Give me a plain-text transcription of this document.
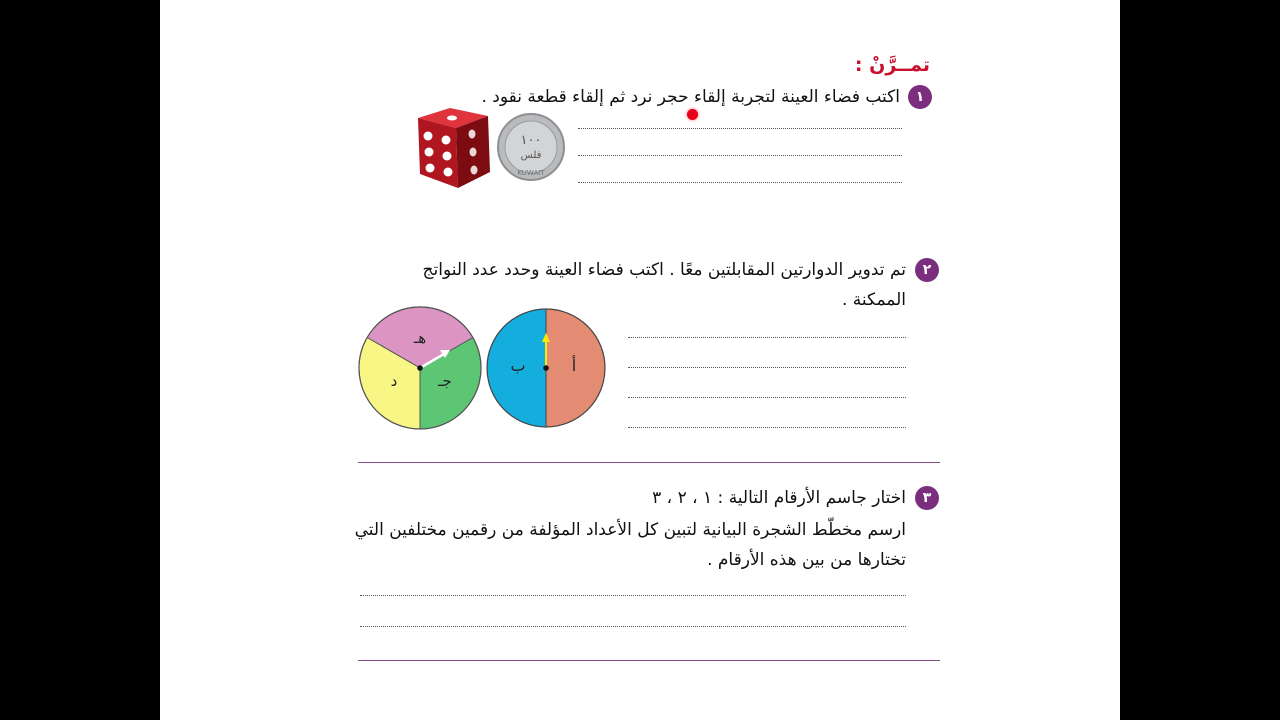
تمــرَّنْ :
١
اكتب فضاء العينة لتجربة إلقاء حجر نرد ثم إلقاء قطعة نقود .
١٠٠
فلس
KUWAIT
٢
تم تدوير الدوارتين المقابلتين معًا . اكتب فضاء العينة وحدد عدد النواتج
الممكنة .
هـ
جـ
د
أ
ب
٣
اختار جاسم الأرقام التالية : ١ ، ٢ ، ٣
ارسم مخطّط الشجرة البيانية لتبين كل الأعداد المؤلفة من رقمين مختلفين التي
تختارها من بين هذه الأرقام .
